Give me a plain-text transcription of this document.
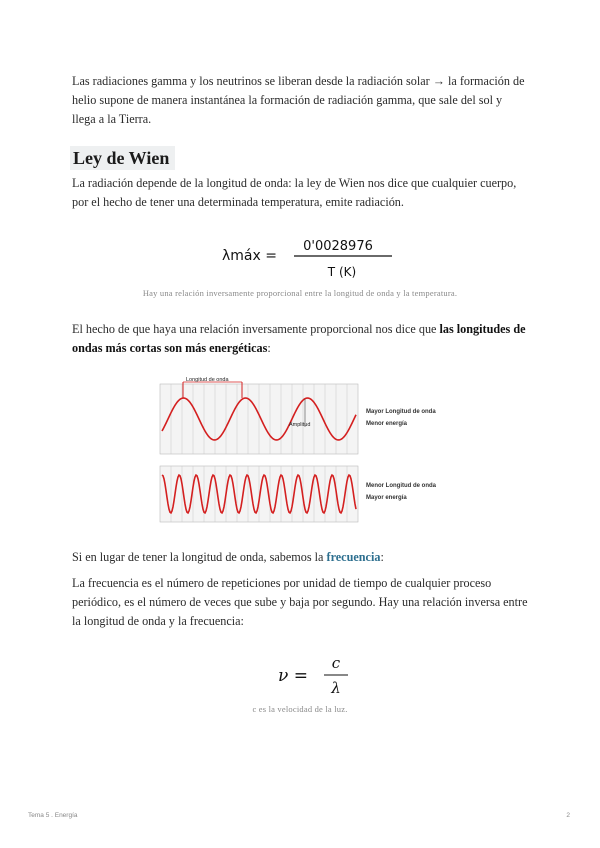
Las radiaciones gamma y los neutrinos se liberan desde la radiación solar → la formación de helio supone de manera instantánea la formación de radiación gamma, que sale del sol y llega a la Tierra.

Ley de Wien

La radiación depende de la longitud de onda: la ley de Wien nos dice que cualquier cuerpo, por el hecho de tener una determinada temperatura, emite radiación.

λmáx =
0'0028976
T (K)
Hay una relación inversamente proporcional entre la longitud de onda y la temperatura.

El hecho de que haya una relación inversamente proporcional nos dice que las longitudes de ondas más cortas son más energéticas:

Longitud de onda
Amplitud
Mayor Longitud de onda
Menor energía
Menor Longitud de onda
Mayor energía

Si en lugar de tener la longitud de onda, sabemos la frecuencia:

La frecuencia es el número de repeticiones por unidad de tiempo de cualquier proceso periódico, es el número de veces que sube y baja por segundo. Hay una relación inversa entre la longitud de onda y la frecuencia:

ν =
c
λ
c es la velocidad de la luz.
Tema 5 . Energía	2
